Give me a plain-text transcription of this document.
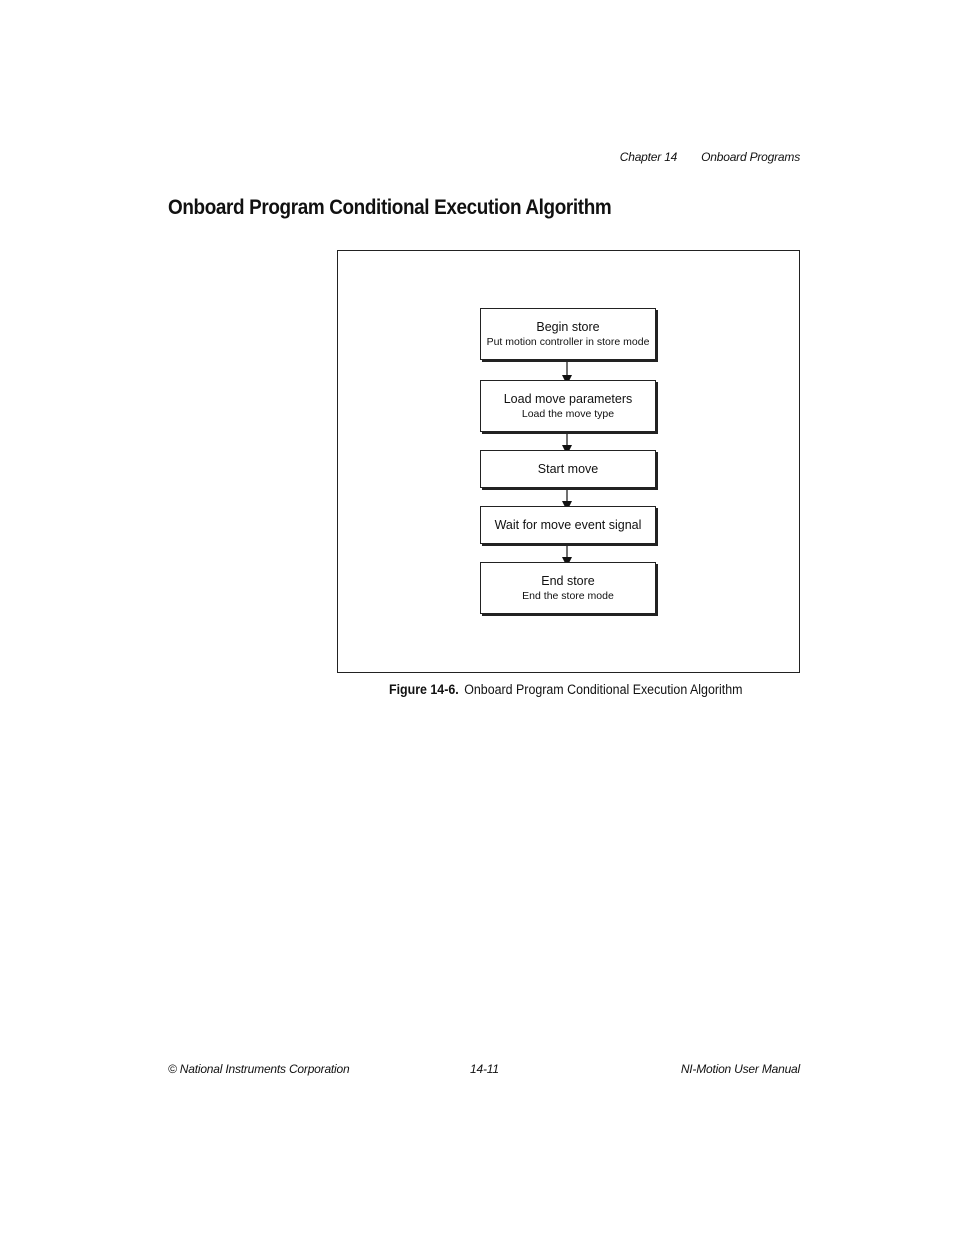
Chapter 14 Onboard Programs
Onboard Program Conditional Execution Algorithm
Begin store
Put motion controller in store mode
Load move parameters
Load the move type
Start move
Wait for move event signal
End store
End the store mode
Figure 14-6. Onboard Program Conditional Execution Algorithm
© National Instruments Corporation	14-11	NI-Motion User Manual
